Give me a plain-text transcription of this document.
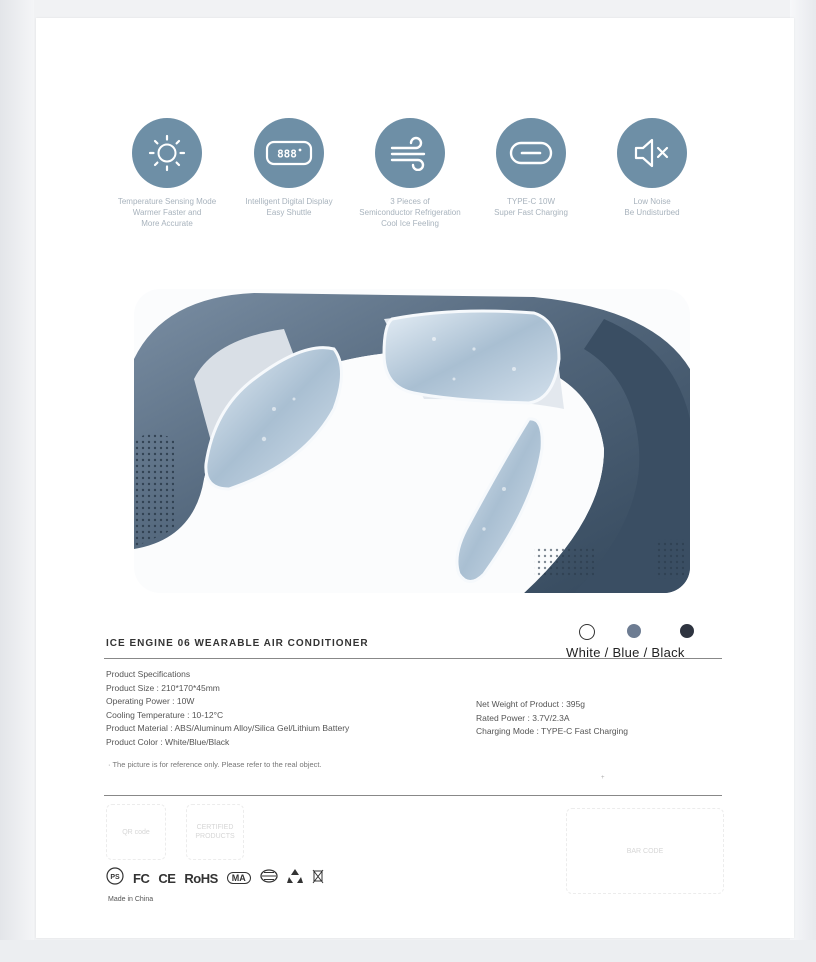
Temperature Sensing Mode
Warmer Faster and
More Accurate
888
Intelligent Digital Display
Easy Shuttle
3 Pieces of
Semiconductor Refrigeration
Cool Ice Feeling
TYPE-C 10W
Super Fast Charging
Low Noise
Be Undisturbed
ICE ENGINE 06 WEARABLE AIR CONDITIONER
White / Blue / Black
Product Specifications
Product Size : 210*170*45mm
Operating Power : 10W
Cooling Temperature : 10-12°C
Product Material : ABS/Aluminum Alloy/Silica Gel/Lithium Battery
Product Color : White/Blue/Black
Net Weight of Product : 395g
Rated Power : 3.7V/2.3A
Charging Mode : TYPE-C Fast Charging
· The picture is for reference only. Please refer to the real object.
+
QR code
CERTIFIED PRODUCTS
BAR CODE
PS FC CE RoHS	MA
Made in China
